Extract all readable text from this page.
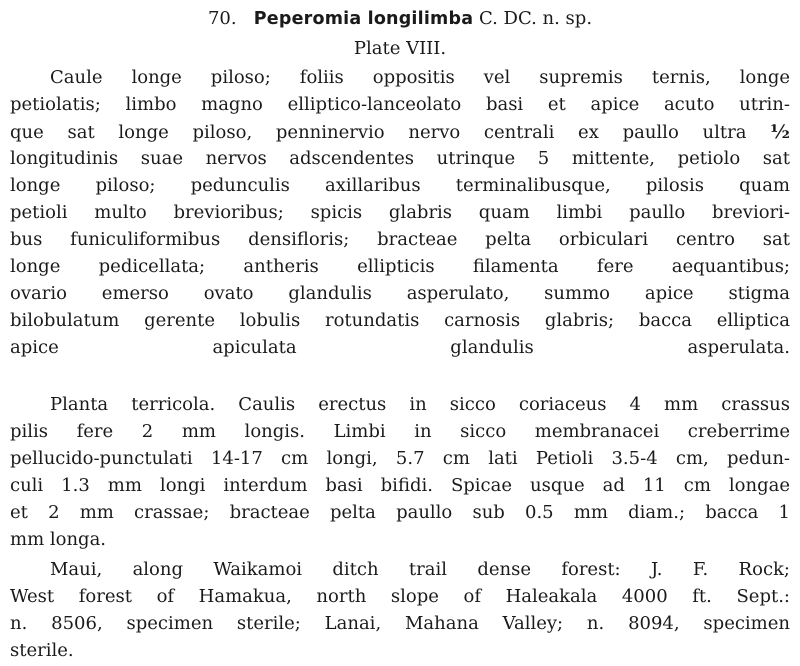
70. Peperomia longilimba C. DC. n. sp.
Plate VIII.
Caule longe piloso; foliis oppositis vel supremis ternis, longe
petiolatis; limbo magno elliptico-lanceolato basi et apice acuto utrin-
que sat longe piloso, penninervio nervo centrali ex paullo ultra ½
longitudinis suae nervos adscendentes utrinque 5 mittente, petiolo sat
longe piloso; pedunculis axillaribus terminalibusque, pilosis quam
petioli multo brevioribus; spicis glabris quam limbi paullo breviori-
bus funiculiformibus densifloris; bracteae pelta orbiculari centro sat
longe pedicellata; antheris ellipticis filamenta fere aequantibus;
ovario emerso ovato glandulis asperulato, summo apice stigma
bilobulatum gerente lobulis rotundatis carnosis glabris; bacca elliptica
apice apiculata glandulis asperulata.
Planta terricola. Caulis erectus in sicco coriaceus 4 mm crassus
pilis fere 2 mm longis. Limbi in sicco membranacei creberrime
pellucido-punctulati 14-17 cm longi, 5.7 cm lati Petioli 3.5-4 cm, pedun-
culi 1.3 mm longi interdum basi bifidi. Spicae usque ad 11 cm longae
et 2 mm crassae; bracteae pelta paullo sub 0.5 mm diam.; bacca 1
mm longa.
Maui, along Waikamoi ditch trail dense forest: J. F. Rock;
West forest of Hamakua, north slope of Haleakala 4000 ft. Sept.:
n. 8506, specimen sterile; Lanai, Mahana Valley; n. 8094, specimen
sterile.
